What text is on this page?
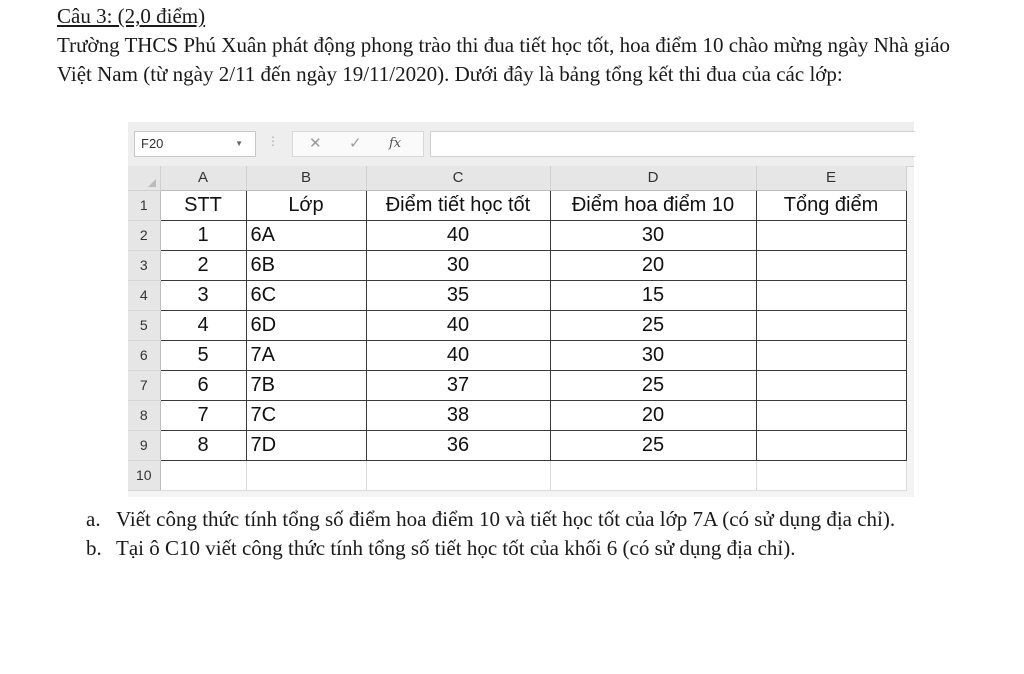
Câu 3: (2,0 điểm)

Trường THCS Phú Xuân phát động phong trào thi đua tiết học tốt, hoa điểm 10 chào mừng ngày Nhà giáo Việt Nam (từ ngày 2/11 đến ngày 19/11/2020). Dưới đây là bảng tổng kết thi đua của các lớp:

F20	▼ ⋮ ✕ ✓ fx
	A	B	C	D	E
1	STT	Lớp	Điểm tiết học tốt	Điểm hoa điểm 10	Tổng điểm
2	1	6A	40	30	
3	2	6B	30	20	
4	3	6C	35	15	
5	4	6D	40	25	
6	5	7A	40	30	
7	6	7B	37	25	
8	7	7C	38	20	
9	8	7D	36	25	
10					
a. Viết công thức tính tổng số điểm hoa điểm 10 và tiết học tốt của lớp 7A (có sử dụng địa chỉ).
b. Tại ô C10 viết công thức tính tổng số tiết học tốt của khối 6 (có sử dụng địa chỉ).
